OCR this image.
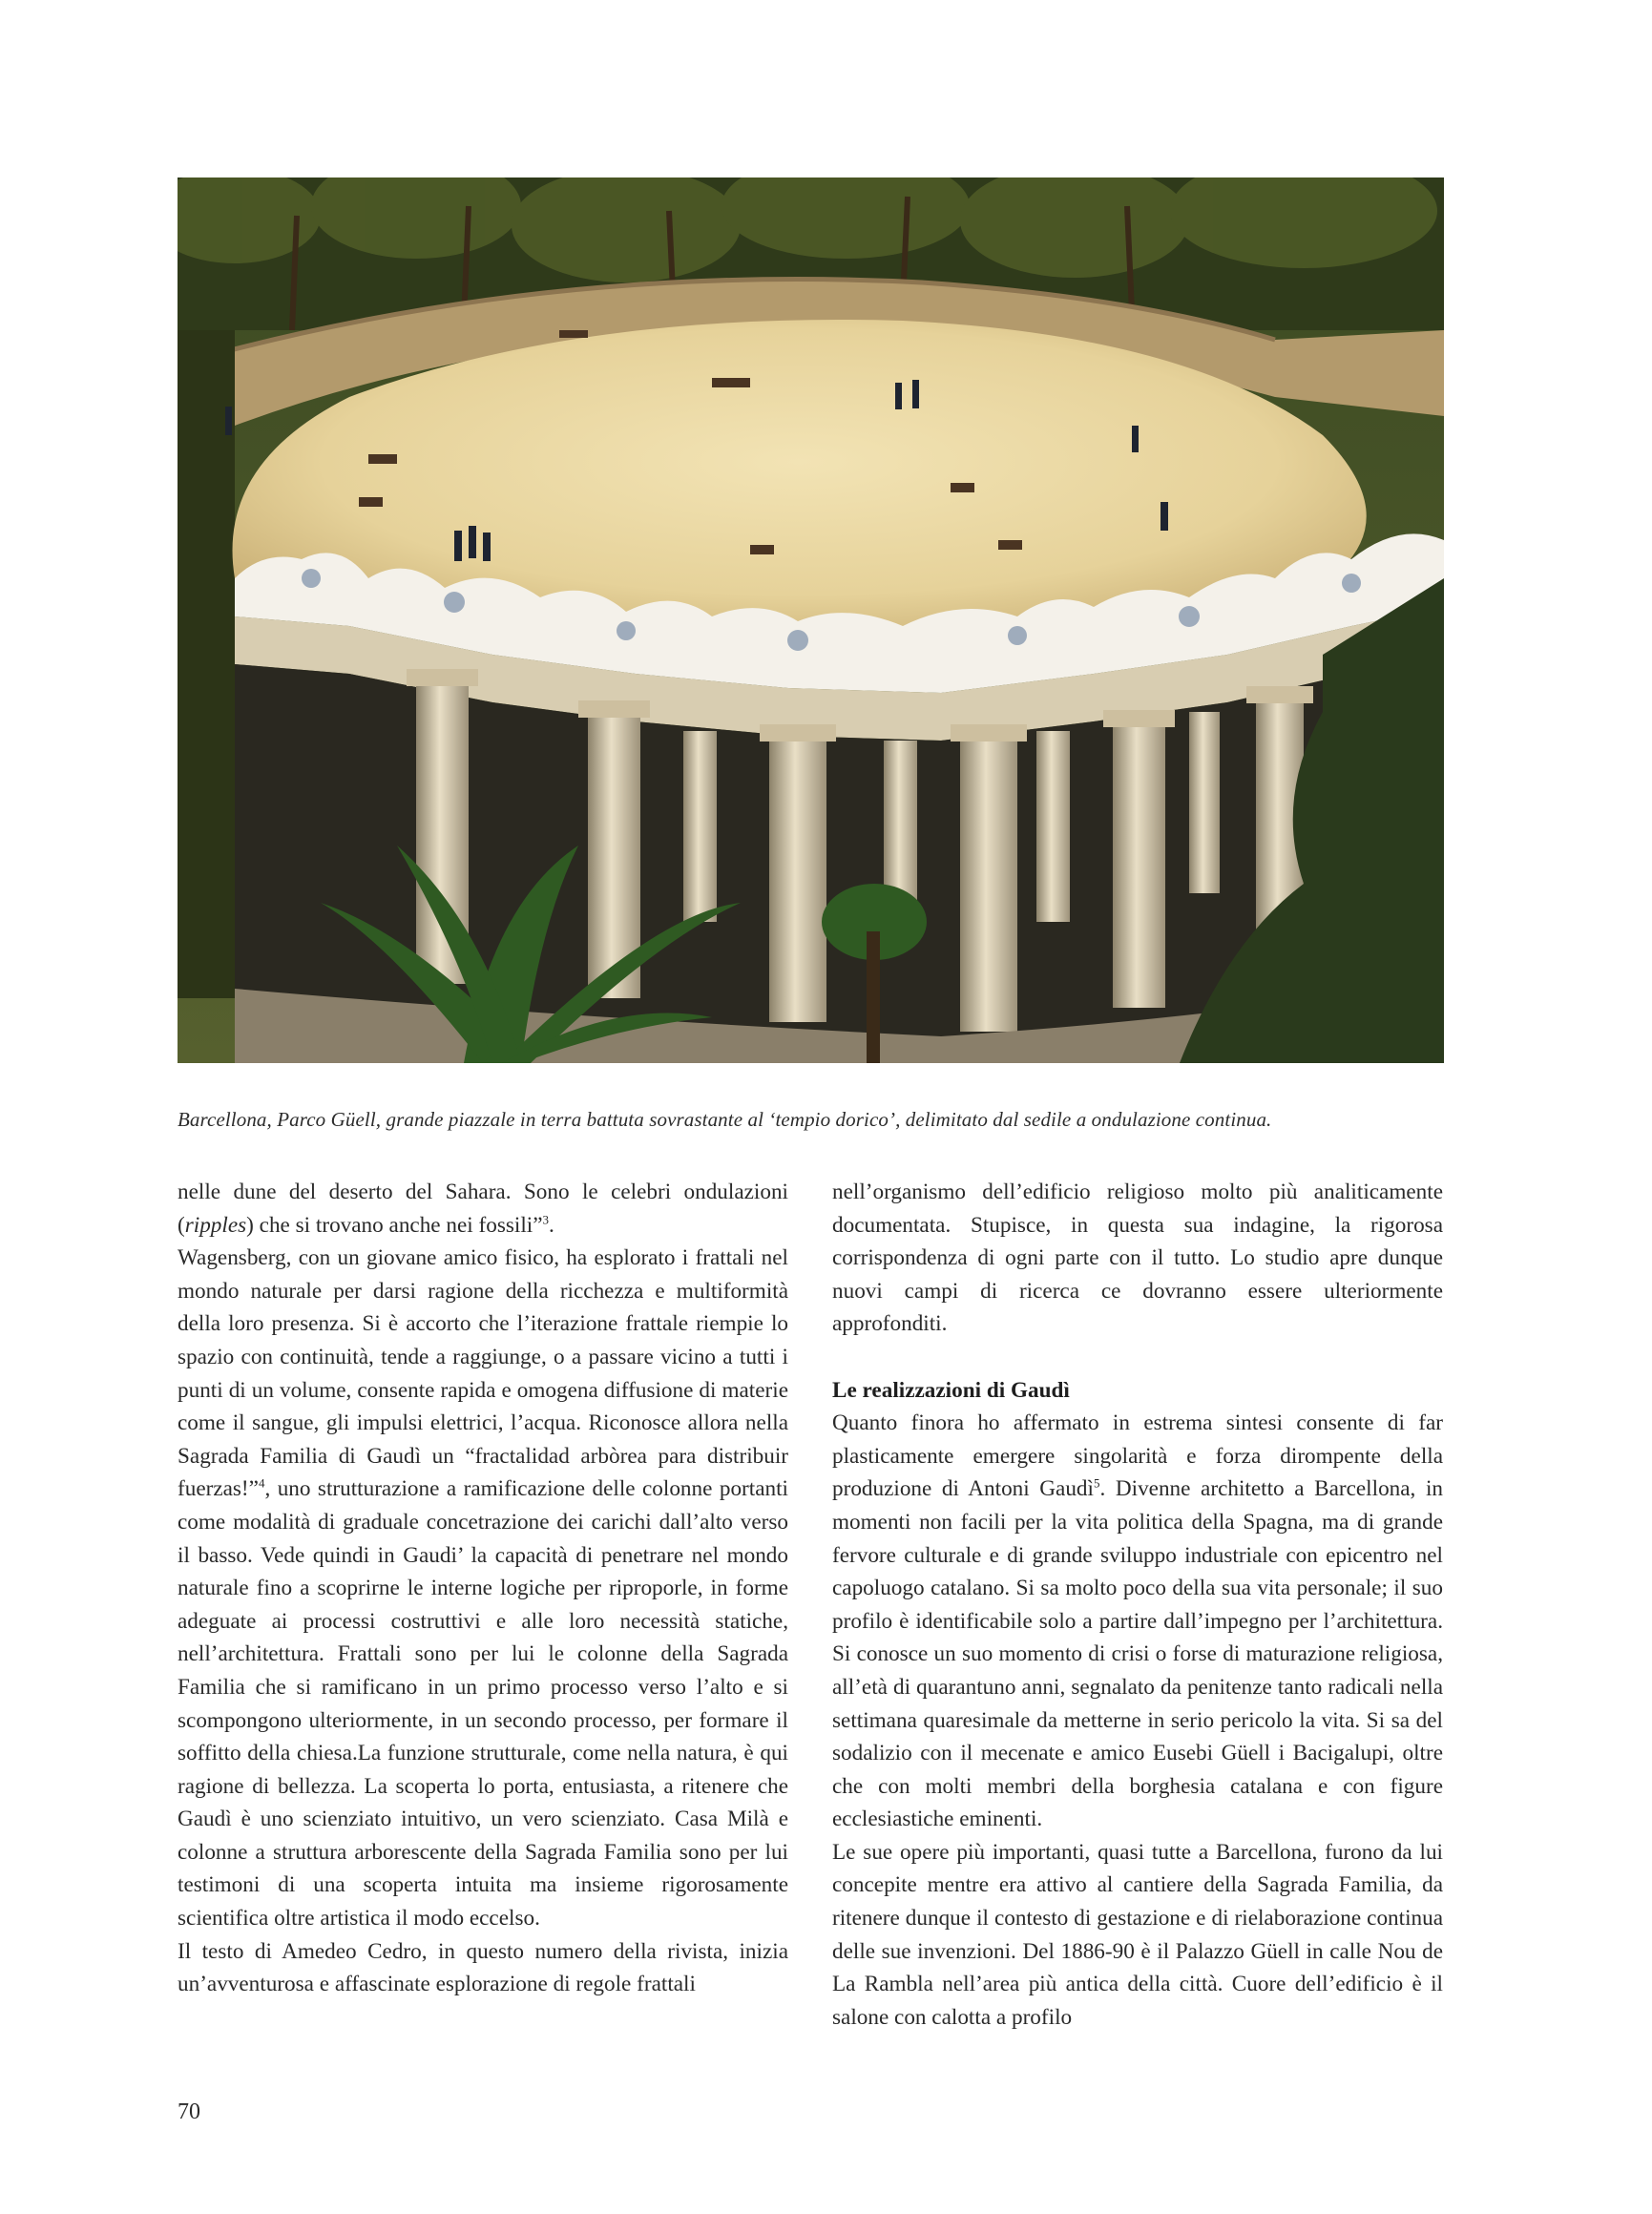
Barcellona, Parco Güell, grande piazzale in terra battuta sovrastante al ‘tempio dorico’, delimitato dal sedile a ondulazione continua.

nelle dune del deserto del Sahara. Sono le celebri ondulazioni (ripples) che si trovano anche nei fossili”$^3$.

Wagensberg, con un giovane amico fisico, ha esplorato i frattali nel mondo naturale per darsi ragione della ricchezza e multiformità della loro presenza. Si è accorto che l’iterazione frattale riempie lo spazio con continuità, tende a raggiunge, o a passare vicino a tutti i punti di un volume, consente rapida e omogena diffusione di materie come il sangue, gli impulsi elettrici, l’acqua. Riconosce allora nella Sagrada Familia di Gaudì un “fractalidad arbòrea para distribuir fuerzas!”$^4$, uno strutturazione a ramificazione delle colonne portanti come modalità di graduale concetrazione dei carichi dall’alto verso il basso. Vede quindi in Gaudi’ la capacità di penetrare nel mondo naturale fino a scoprirne le interne logiche per riproporle, in forme adeguate ai processi costruttivi e alle loro necessità statiche, nell’architettura. Frattali sono per lui le colonne della Sagrada Familia che si ramificano in un primo processo verso l’alto e si scompongono ulteriormente, in un secondo processo, per formare il soffitto della chiesa.La funzione strutturale, come nella natura, è qui ragione di bellezza. La scoperta lo porta, entusiasta, a ritenere che Gaudì è uno scienziato intuitivo, un vero scienziato. Casa Milà e colonne a struttura arborescente della Sagrada Familia sono per lui testimoni di una scoperta intuita ma insieme rigorosamente scientifica oltre artistica il modo eccelso.

Il testo di Amedeo Cedro, in questo numero della rivista, inizia un’avventurosa e affascinate esplorazione di regole frattali

nell’organismo dell’edificio religioso molto più analiticamente documentata. Stupisce, in questa sua indagine, la rigorosa corrispondenza di ogni parte con il tutto. Lo studio apre dunque nuovi campi di ricerca ce dovranno essere ulteriormente approfonditi.

Le realizzazioni di Gaudì

Quanto finora ho affermato in estrema sintesi consente di far plasticamente emergere singolarità e forza dirompente della produzione di Antoni Gaudì$^5$. Divenne architetto a Barcellona, in momenti non facili per la vita politica della Spagna, ma di grande fervore culturale e di grande sviluppo industriale con epicentro nel capoluogo catalano. Si sa molto poco della sua vita personale; il suo profilo è identificabile solo a partire dall’impegno per l’architettura. Si conosce un suo momento di crisi o forse di maturazione religiosa, all’età di quarantuno anni, segnalato da penitenze tanto radicali nella settimana quaresimale da metterne in serio pericolo la vita. Si sa del sodalizio con il mecenate e amico Eusebi Güell i Bacigalupi, oltre che con molti membri della borghesia catalana e con figure ecclesiastiche eminenti.

Le sue opere più importanti, quasi tutte a Barcellona, furono da lui concepite mentre era attivo al cantiere della Sagrada Familia, da ritenere dunque il contesto di gestazione e di rielaborazione continua delle sue invenzioni. Del 1886-90 è il Palazzo Güell in calle Nou de La Rambla nell’area più antica della città. Cuore dell’edificio è il salone con calotta a profilo

70
